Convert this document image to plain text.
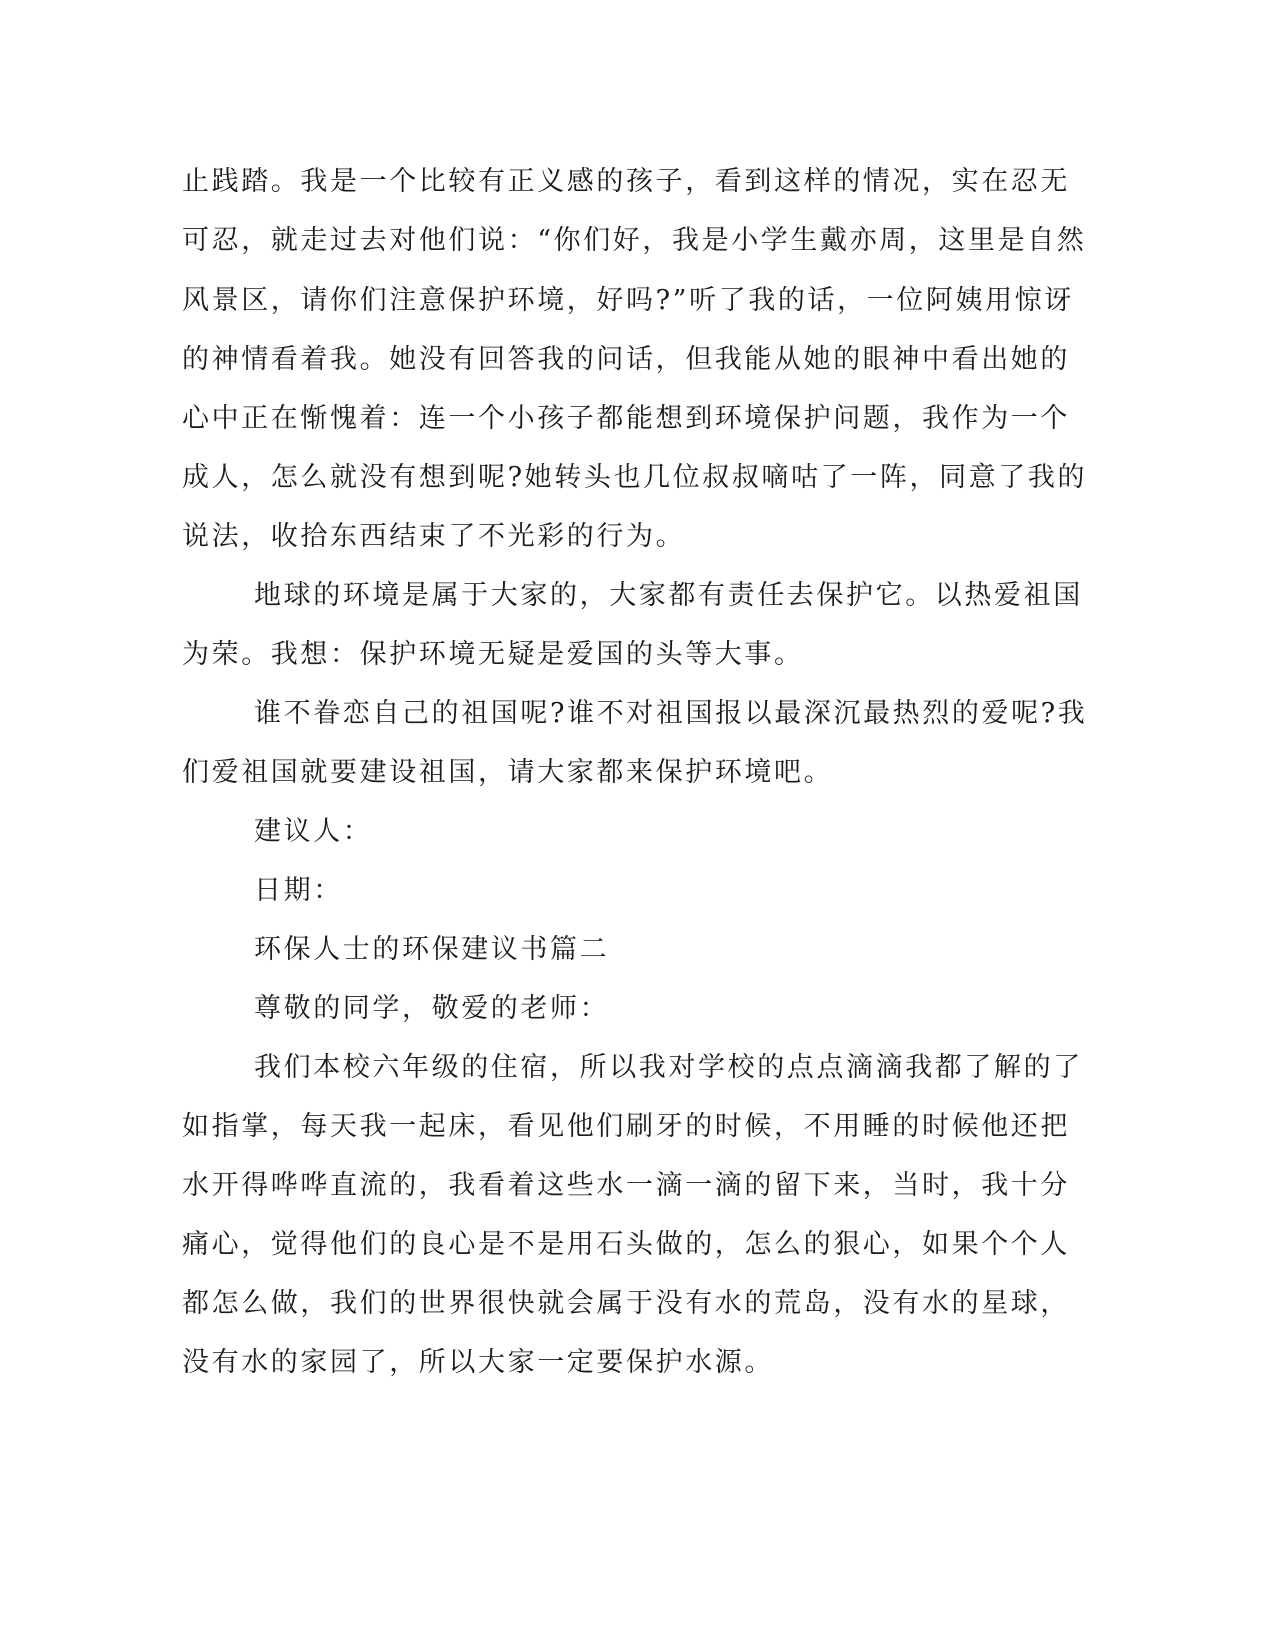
止践踏。我是一个比较有正义感的孩子，看到这样的情况，实在忍无

可忍，就走过去对他们说：“你们好，我是小学生戴亦周，这里是自然

风景区，请你们注意保护环境，好吗?”听了我的话，一位阿姨用惊讶

的神情看着我。她没有回答我的问话，但我能从她的眼神中看出她的

心中正在惭愧着：连一个小孩子都能想到环境保护问题，我作为一个

成人，怎么就没有想到呢?她转头也几位叔叔嘀咕了一阵，同意了我的

说法，收拾东西结束了不光彩的行为。

地球的环境是属于大家的，大家都有责任去保护它。以热爱祖国

为荣。我想：保护环境无疑是爱国的头等大事。

谁不眷恋自己的祖国呢?谁不对祖国报以最深沉最热烈的爱呢?我

们爱祖国就要建设祖国，请大家都来保护环境吧。

建议人：

日期：

环保人士的环保建议书篇二

尊敬的同学，敬爱的老师：

我们本校六年级的住宿，所以我对学校的点点滴滴我都了解的了

如指掌，每天我一起床，看见他们刷牙的时候，不用睡的时候他还把

水开得哗哗直流的，我看着这些水一滴一滴的留下来，当时，我十分

痛心，觉得他们的良心是不是用石头做的，怎么的狠心，如果个个人

都怎么做，我们的世界很快就会属于没有水的荒岛，没有水的星球，

没有水的家园了，所以大家一定要保护水源。
